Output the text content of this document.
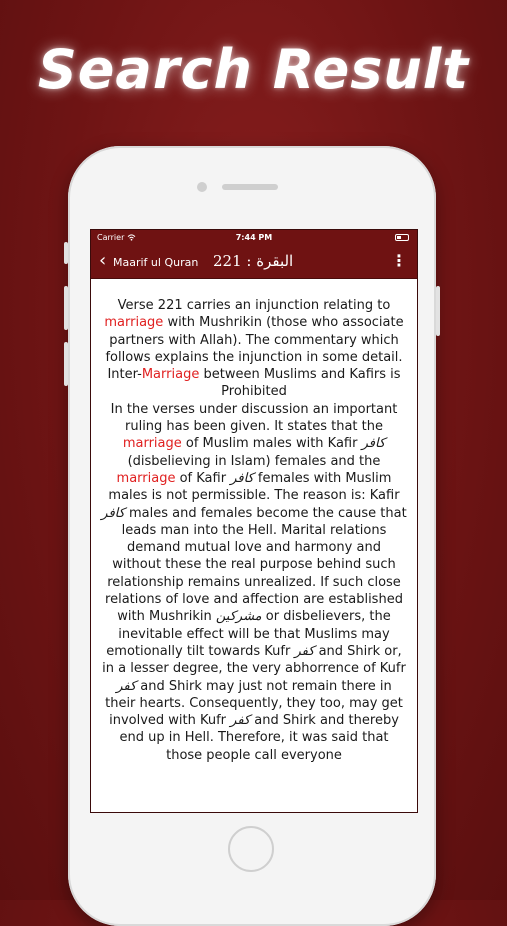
Search Result
Carrier	7:44 PM
‹ Maarif ul Quran البقرة : 221	⋮
Verse 221 carries an injunction relating to marriage with Mushrikin (those who associate partners with Allah). The commentary which follows explains the injunction in some detail.
Inter-Marriage between Muslims and Kafirs is Prohibited
In the verses under discussion an important ruling has been given. It states that the marriage of Muslim males with Kafir کافر (disbelieving in Islam) females and the marriage of Kafir کافر females with Muslim males is not permissible. The reason is: Kafir کافر males and females become the cause that leads man into the Hell. Marital relations demand mutual love and harmony and without these the real purpose behind such relationship remains unrealized. If such close relations of love and affection are established with Mushrikin مشرکین or disbelievers, the inevitable effect will be that Muslims may emotionally tilt towards Kufr کفر and Shirk or, in a lesser degree, the very abhorrence of Kufr کفر and Shirk may just not remain there in their hearts. Consequently, they too, may get involved with Kufr کفر and Shirk and thereby end up in Hell. Therefore, it was said that those people call everyone
